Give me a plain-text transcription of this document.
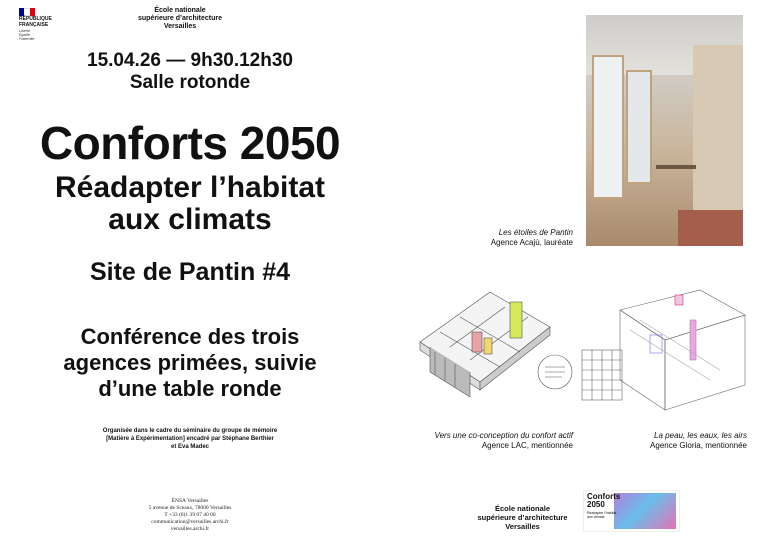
RÉPUBLIQUE
FRANÇAISE
Liberté
Égalité
Fraternité
École nationale
supérieure d’architecture
Versailles
15.04.26 — 9h30.12h30
Salle rotonde
Conforts 2050
Réadapter l’habitat
aux climats
Site de Pantin #4
Conférence des trois
agences primées, suivie
d’une table ronde
Organisée dans le cadre du séminaire du groupe de mémoire
[Matière à Expérimentation] encadré par Stéphane Berthier
et Eva Madec
ÉNSA Versailles
5 avenue de Sceaux, 78000 Versailles
T +33 (0)1 39 07 40 00
communication@versailles.archi.fr
versailles.archi.fr
École nationale
supérieure d’architecture
Versailles
Les étoiles de Pantin
Agence Acajù, lauréate
Vers une co-conception du confort actif
Agence LAC, mentionnée
La peau, les eaux, les airs
Agence Gloria, mentionnée
Conforts
2050
Réadapter l’habitat aux climats
